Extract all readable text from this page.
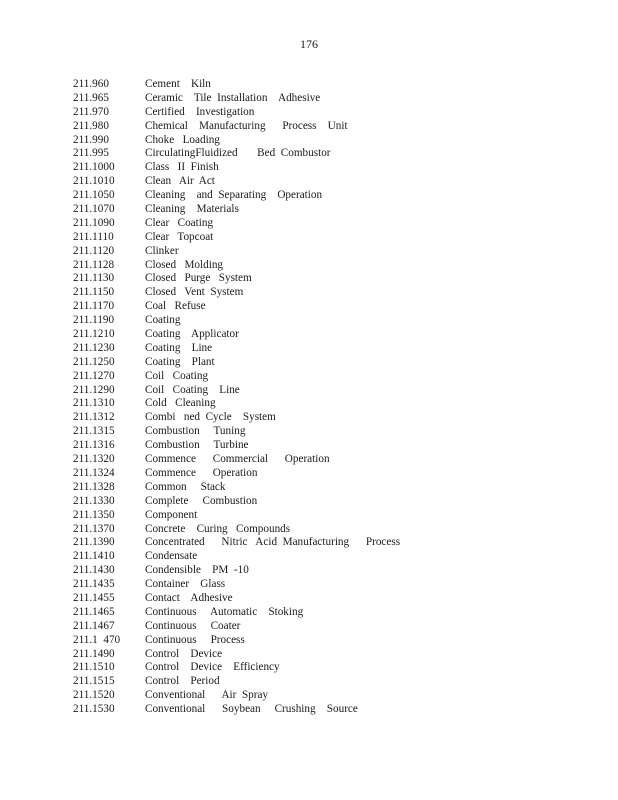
176
211.960	Cement    Kiln
211.965	Ceramic    Tile  Installation    Adhesive
211.970	Certified    Investigation
211.980	Chemical    Manufacturing      Process    Unit
211.990	Choke   Loading
211.995	CirculatingFluidized       Bed  Combustor
211.1000	Class   II  Finish
211.1010	Clean   Air  Act
211.1050	Cleaning    and  Separating    Operation
211.1070	Cleaning    Materials
211.1090	Clear   Coating
211.1110	Clear   Topcoat
211.1120	Clinker
211.1128	Closed   Molding
211.1130	Closed   Purge   System
211.1150	Closed   Vent  System
211.1170	Coal   Refuse
211.1190	Coating
211.1210	Coating    Applicator
211.1230	Coating    Line
211.1250	Coating    Plant
211.1270	Coil   Coating
211.1290	Coil   Coating    Line
211.1310	Cold   Cleaning
211.1312	Combi   ned  Cycle    System
211.1315	Combustion     Tuning
211.1316	Combustion     Turbine
211.1320	Commence      Commercial      Operation
211.1324	Commence      Operation
211.1328	Common     Stack
211.1330	Complete     Combustion
211.1350	Component
211.1370	Concrete    Curing   Compounds
211.1390	Concentrated      Nitric   Acid  Manufacturing      Process
211.1410	Condensate
211.1430	Condensible    PM  -10
211.1435	Container    Glass
211.1455	Contact    Adhesive
211.1465	Continuous     Automatic    Stoking
211.1467	Continuous     Coater
211.1  470	Continuous     Process
211.1490	Control    Device
211.1510	Control    Device    Efficiency
211.1515	Control    Period
211.1520	Conventional      Air  Spray
211.1530	Conventional      Soybean     Crushing    Source
